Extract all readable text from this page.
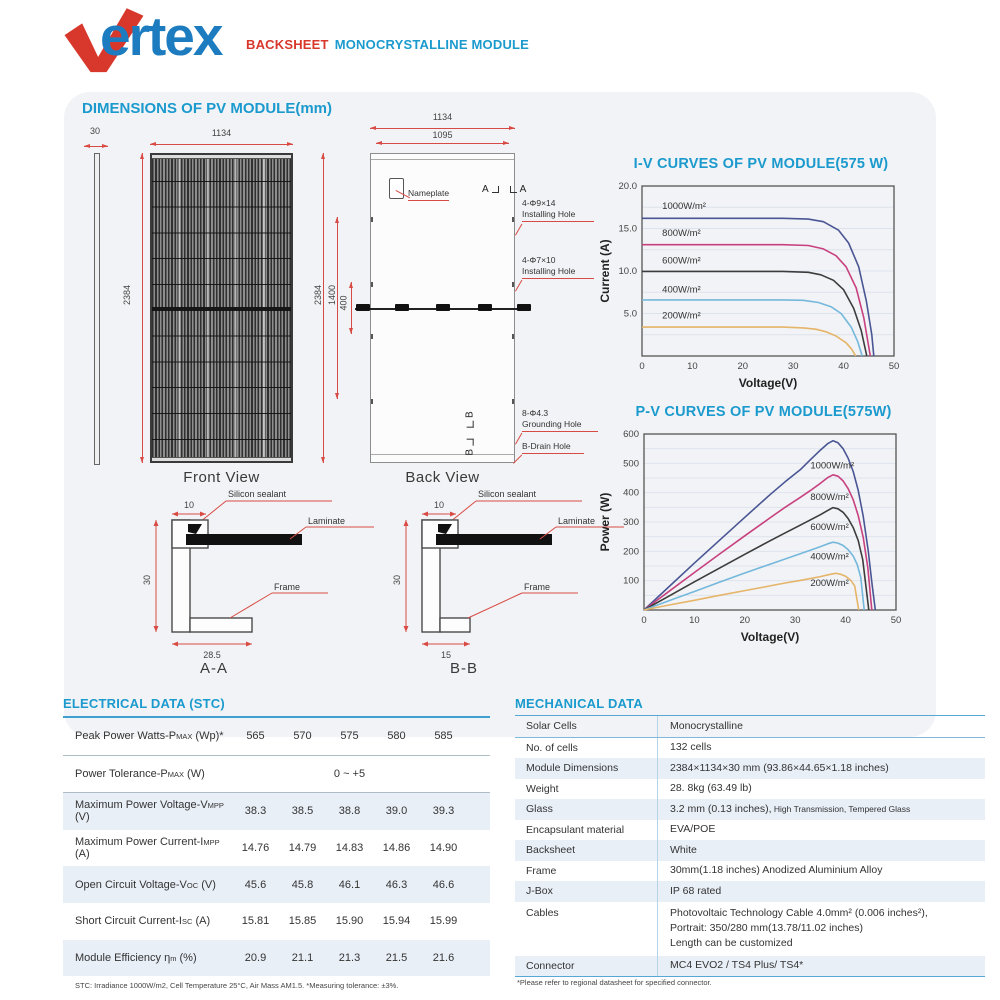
ertex BACKSHEET MONOCRYSTALLINE MODULE
DIMENSIONS OF PV MODULE(mm)
30	1134
2384
Front View
2384 1400 400
1134
1095
Nameplate	A	A
B
B
Back View
4-Φ9×14
Installing Hole
4-Φ7×10
Installing Hole
8-Φ4.3
Grounding Hole
B-Drain Hole
Silicon sealant
10
Laminate
Frame
30
28.5
A-A
Silicon sealant
10
Laminate
Frame
30
15
B-B
I-V CURVES OF PV MODULE(575 W)
5.0
10.0
15.0
20.0
0	10	20	30	40	50
1000W/m²
800W/m²
600W/m²
400W/m²
200W/m²
Voltage(V)
Current (A)
P-V CURVES OF PV MODULE(575W)
100
200
300
400
500
600
0	10	20	30	40	50
1000W/m²
800W/m²
600W/m²
400W/m²
200W/m²
Voltage(V)
Power (W)
ELECTRICAL DATA (STC)
Peak Power Watts-PMAX (Wp)*	565	570	575	580	585
Power Tolerance-PMAX (W)	0 ~ +5
Maximum Power Voltage-VMPP (V)	38.3	38.5	38.8	39.0	39.3
Maximum Power Current-IMPP (A)	14.76	14.79	14.83	14.86	14.90
Open Circuit Voltage-VOC (V)	45.6	45.8	46.1	46.3	46.6
Short Circuit Current-ISC (A)	15.81	15.85	15.90	15.94	15.99
Module Efficiency ηm (%)	20.9	21.1	21.3	21.5	21.6
STC: Irradiance 1000W/m2, Cell Temperature 25°C, Air Mass AM1.5. *Measuring tolerance: ±3%.
MECHANICAL DATA
Solar Cells	Monocrystalline
No. of cells	132 cells
Module Dimensions	2384×1134×30 mm (93.86×44.65×1.18 inches)
Weight	28. 8kg (63.49 lb)
Glass	3.2 mm (0.13 inches), High Transmission, Tempered Glass
Encapsulant material	EVA/POE
Backsheet	White
Frame	30mm(1.18 inches) Anodized Aluminium Alloy
J-Box	IP 68 rated
Cables	Photovoltaic Technology Cable 4.0mm² (0.006 inches²),
Portrait: 350/280 mm(13.78/11.02 inches)
Length can be customized
Connector	MC4 EVO2 / TS4 Plus/ TS4*
*Please refer to regional datasheet for specified connector.
